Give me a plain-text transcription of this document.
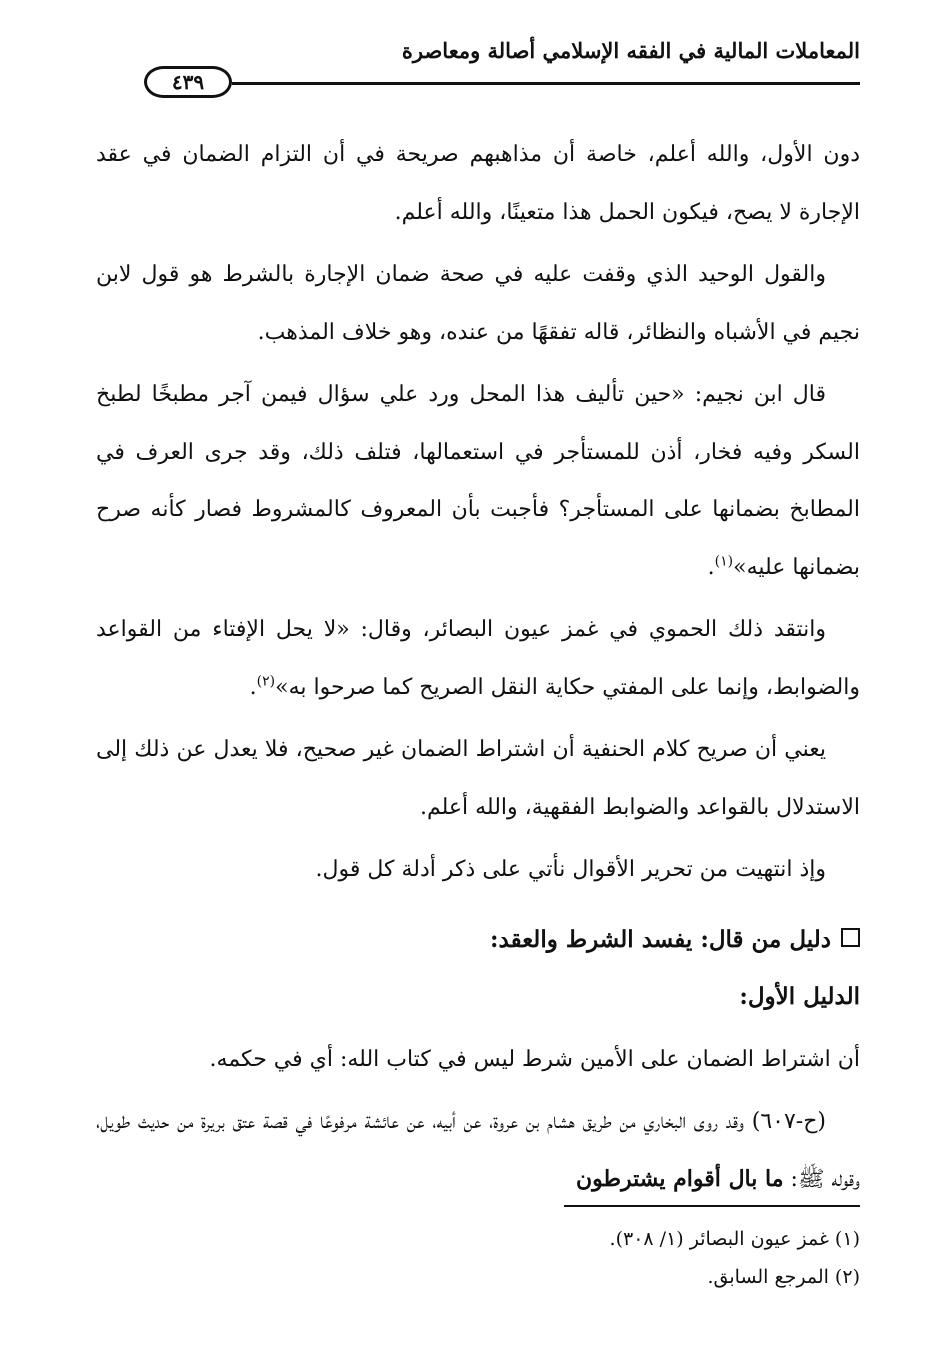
المعاملات المالية في الفقه الإسلامي أصالة ومعاصرة
٤٣٩

دون الأول، والله أعلم، خاصة أن مذاهبهم صريحة في أن التزام الضمان في عقد الإجارة لا يصح، فيكون الحمل هذا متعينًا، والله أعلم.

والقول الوحيد الذي وقفت عليه في صحة ضمان الإجارة بالشرط هو قول لابن نجيم في الأشباه والنظائر، قاله تفقهًا من عنده، وهو خلاف المذهب.

قال ابن نجيم: «حين تأليف هذا المحل ورد علي سؤال فيمن آجر مطبخًا لطبخ السكر وفيه فخار، أذن للمستأجر في استعمالها، فتلف ذلك، وقد جرى العرف في المطابخ بضمانها على المستأجر؟ فأجبت بأن المعروف كالمشروط فصار كأنه صرح بضمانها عليه»$^{(١)}$.

وانتقد ذلك الحموي في غمز عيون البصائر، وقال: «لا يحل الإفتاء من القواعد والضوابط، وإنما على المفتي حكاية النقل الصريح كما صرحوا به»$^{(٢)}$.

يعني أن صريح كلام الحنفية أن اشتراط الضمان غير صحيح، فلا يعدل عن ذلك إلى الاستدلال بالقواعد والضوابط الفقهية، والله أعلم.

وإذ انتهيت من تحرير الأقوال نأتي على ذكر أدلة كل قول.

دليل من قال: يفسد الشرط والعقد:

الدليل الأول:

أن اشتراط الضمان على الأمين شرط ليس في كتاب الله: أي في حكمه.

(ح-٦٠٧) وقد روى البخاري من طريق هشام بن عروة، عن أبيه، عن عائشة مرفوعًا في قصة عتق بريرة من حديث طويل، وقوله ﷺ: ما بال أقوام يشترطون

(١) غمز عيون البصائر (١/ ٣٠٨).

(٢) المرجع السابق.
